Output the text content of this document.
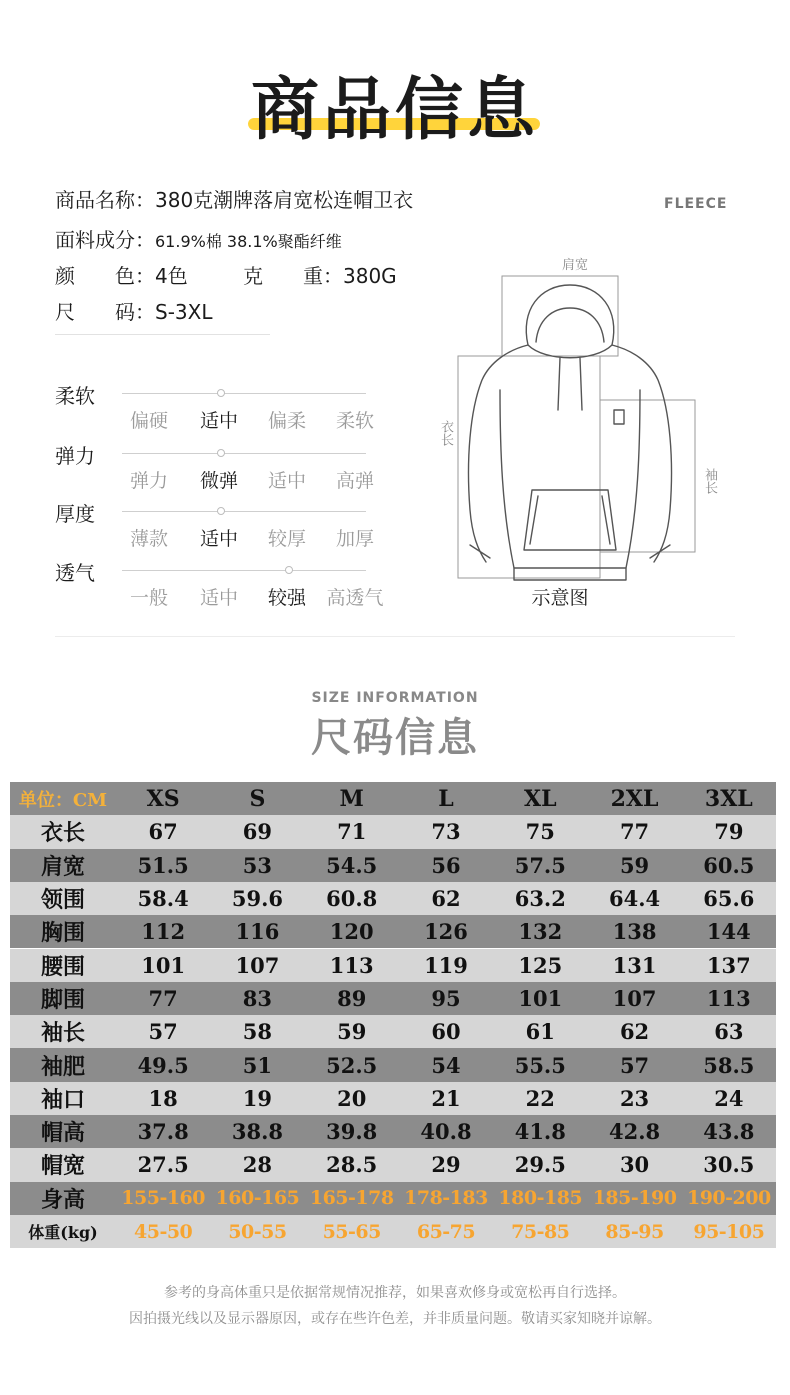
商品信息
商品名称：380克潮牌落肩宽松连帽卫衣
面料成分：61.9%棉 38.1%聚酯纤维
颜 色：4色	克 重：380G
尺 码：S-3XL
柔软
偏硬	适中	偏柔	柔软
弹力
弹力	微弹	适中	高弹
厚度
薄款	适中	较厚	加厚
透气
一般	适中	较强	高透气
FLEECE
肩宽
衣长
袖长
示意图
SIZE INFORMATION
尺码信息
单位：CM	XS	S	M	L	XL	2XL	3XL
衣长	67	69	71	73	75	77	79
肩宽	51.5	53	54.5	56	57.5	59	60.5
领围	58.4	59.6	60.8	62	63.2	64.4	65.6
胸围	112	116	120	126	132	138	144
腰围	101	107	113	119	125	131	137
脚围	77	83	89	95	101	107	113
袖长	57	58	59	60	61	62	63
袖肥	49.5	51	52.5	54	55.5	57	58.5
袖口	18	19	20	21	22	23	24
帽高	37.8	38.8	39.8	40.8	41.8	42.8	43.8
帽宽	27.5	28	28.5	29	29.5	30	30.5
身高	155-160 160-165 165-178 178-183 180-185 185-190 190-200
体重(kg)	45-50	50-55	55-65	65-75	75-85	85-95	95-105
参考的身高体重只是依据常规情况推荐，如果喜欢修身或宽松再自行选择。
因拍摄光线以及显示器原因，或存在些许色差，并非质量问题。敬请买家知晓并谅解。
